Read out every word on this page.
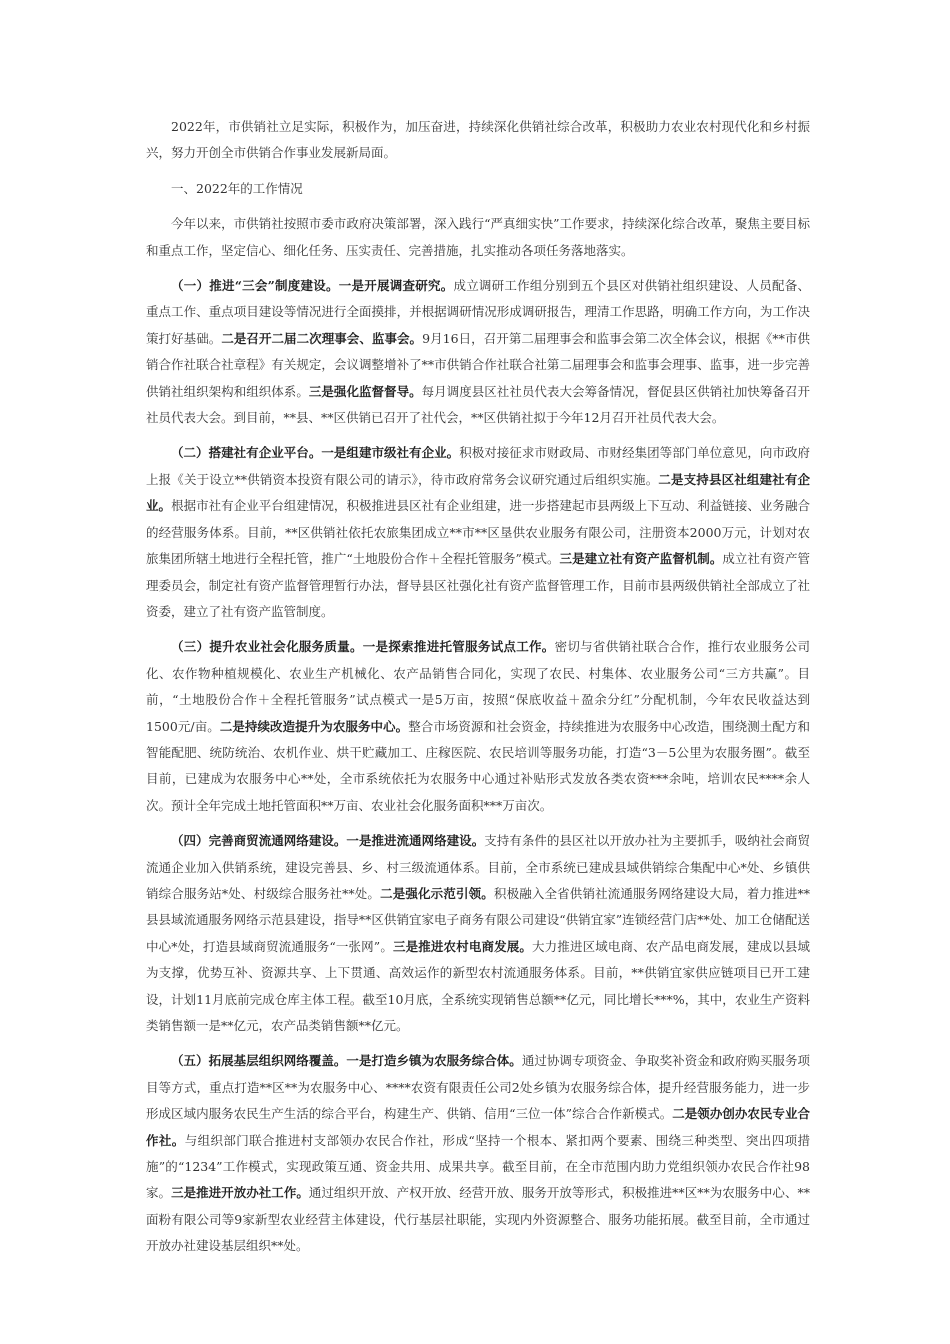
2022年，市供销社立足实际，积极作为，加压奋进，持续深化供销社综合改革，积极助力农业农村现代化和乡村振兴，努力开创全市供销合作事业发展新局面。

一、2022年的工作情况

今年以来，市供销社按照市委市政府决策部署，深入践行“严真细实快”工作要求，持续深化综合改革，聚焦主要目标和重点工作，坚定信心、细化任务、压实责任、完善措施，扎实推动各项任务落地落实。

（一）推进“三会”制度建设。一是开展调查研究。成立调研工作组分别到五个县区对供销社组织建设、人员配备、重点工作、重点项目建设等情况进行全面摸排，并根据调研情况形成调研报告，理清工作思路，明确工作方向，为工作决策打好基础。二是召开二届二次理事会、监事会。9月16日，召开第二届理事会和监事会第二次全体会议，根据《**市供销合作社联合社章程》有关规定，会议调整增补了**市供销合作社联合社第二届理事会和监事会理事、监事，进一步完善供销社组织架构和组织体系。三是强化监督督导。每月调度县区社社员代表大会筹备情况，督促县区供销社加快筹备召开社员代表大会。到目前，**县、**区供销已召开了社代会，**区供销社拟于今年12月召开社员代表大会。

（二）搭建社有企业平台。一是组建市级社有企业。积极对接征求市财政局、市财经集团等部门单位意见，向市政府上报《关于设立**供销资本投资有限公司的请示》，待市政府常务会议研究通过后组织实施。二是支持县区社组建社有企业。根据市社有企业平台组建情况，积极推进县区社有企业组建，进一步搭建起市县两级上下互动、利益链接、业务融合的经营服务体系。目前，**区供销社依托农旅集团成立**市**区垦供农业服务有限公司，注册资本2000万元，计划对农旅集团所辖土地进行全程托管，推广“土地股份合作＋全程托管服务”模式。三是建立社有资产监督机制。成立社有资产管理委员会，制定社有资产监督管理暂行办法，督导县区社强化社有资产监督管理工作，目前市县两级供销社全部成立了社资委，建立了社有资产监管制度。

（三）提升农业社会化服务质量。一是探索推进托管服务试点工作。密切与省供销社联合合作，推行农业服务公司化、农作物种植规模化、农业生产机械化、农产品销售合同化，实现了农民、村集体、农业服务公司“三方共赢”。目前，“土地股份合作＋全程托管服务”试点模式一是5万亩，按照“保底收益＋盈余分红”分配机制，今年农民收益达到1500元/亩。二是持续改造提升为农服务中心。整合市场资源和社会资金，持续推进为农服务中心改造，围绕测土配方和智能配肥、统防统治、农机作业、烘干贮藏加工、庄稼医院、农民培训等服务功能，打造“3－5公里为农服务圈”。截至目前，已建成为农服务中心**处，全市系统依托为农服务中心通过补贴形式发放各类农资***余吨，培训农民****余人次。预计全年完成土地托管面积**万亩、农业社会化服务面积***万亩次。

（四）完善商贸流通网络建设。一是推进流通网络建设。支持有条件的县区社以开放办社为主要抓手，吸纳社会商贸流通企业加入供销系统，建设完善县、乡、村三级流通体系。目前，全市系统已建成县域供销综合集配中心*处、乡镇供销综合服务站*处、村级综合服务社**处。二是强化示范引领。积极融入全省供销社流通服务网络建设大局，着力推进**县县域流通服务网络示范县建设，指导**区供销宜家电子商务有限公司建设“供销宜家”连锁经营门店**处、加工仓储配送中心*处，打造县域商贸流通服务“一张网”。三是推进农村电商发展。大力推进区域电商、农产品电商发展，建成以县域为支撑，优势互补、资源共享、上下贯通、高效运作的新型农村流通服务体系。目前，**供销宜家供应链项目已开工建设，计划11月底前完成仓库主体工程。截至10月底，全系统实现销售总额**亿元，同比增长***%，其中，农业生产资料类销售额一是**亿元，农产品类销售额**亿元。

（五）拓展基层组织网络覆盖。一是打造乡镇为农服务综合体。通过协调专项资金、争取奖补资金和政府购买服务项目等方式，重点打造**区**为农服务中心、****农资有限责任公司2处乡镇为农服务综合体，提升经营服务能力，进一步形成区域内服务农民生产生活的综合平台，构建生产、供销、信用“三位一体”综合合作新模式。二是领办创办农民专业合作社。与组织部门联合推进村支部领办农民合作社，形成“坚持一个根本、紧扣两个要素、围绕三种类型、突出四项措施”的“1234”工作模式，实现政策互通、资金共用、成果共享。截至目前，在全市范围内助力党组织领办农民合作社98家。三是推进开放办社工作。通过组织开放、产权开放、经营开放、服务开放等形式，积极推进**区**为农服务中心、**面粉有限公司等9家新型农业经营主体建设，代行基层社职能，实现内外资源整合、服务功能拓展。截至目前，全市通过开放办社建设基层组织**处。
